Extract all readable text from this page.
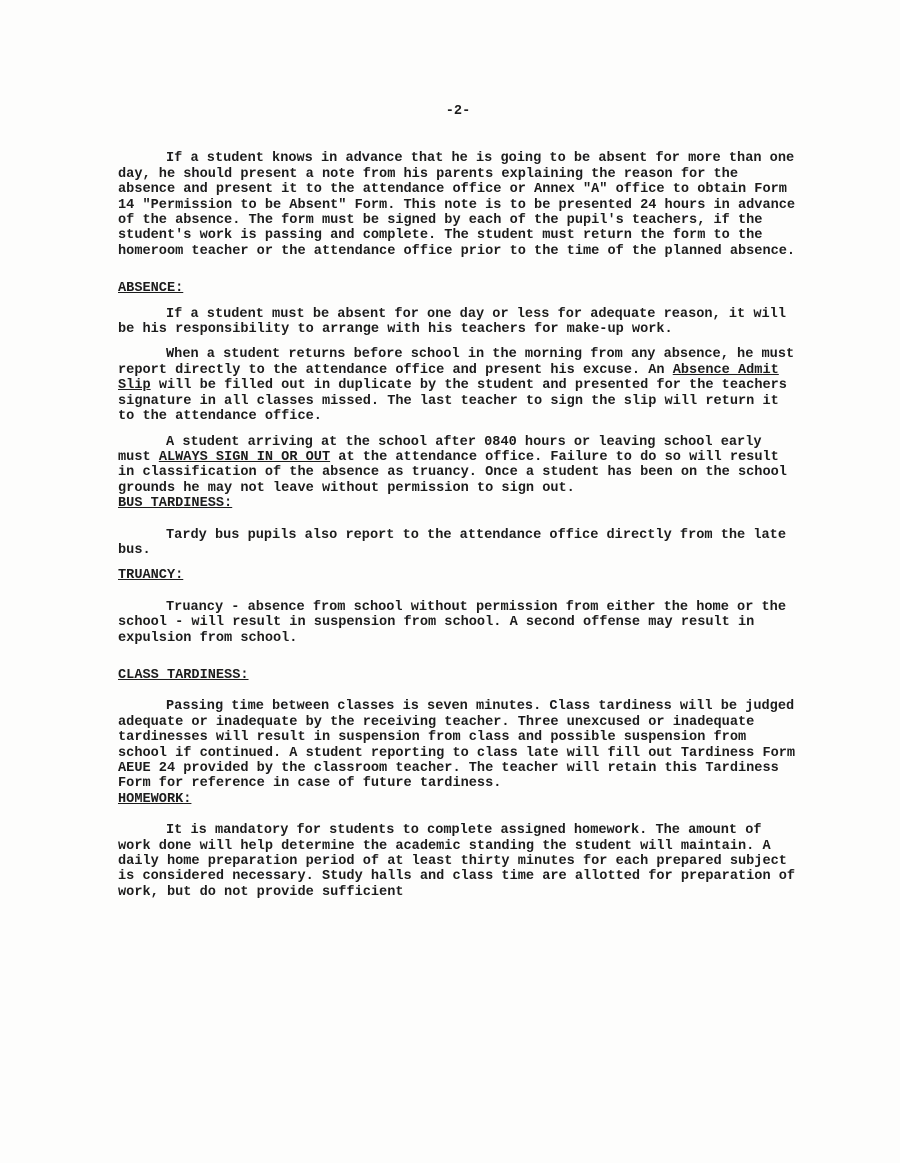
-2-

If a student knows in advance that he is going to be absent for more than one day, he should present a note from his parents explaining the reason for the absence and present it to the attendance office or Annex "A" office to obtain Form 14 "Permission to be Absent" Form. This note is to be presented 24 hours in advance of the absence. The form must be signed by each of the pupil's teachers, if the student's work is passing and complete. The student must return the form to the homeroom teacher or the attendance office prior to the time of the planned absence.

ABSENCE:

If a student must be absent for one day or less for adequate reason, it will be his responsibility to arrange with his teachers for make-up work.

When a student returns before school in the morning from any absence, he must report directly to the attendance office and present his excuse. An Absence Admit Slip will be filled out in duplicate by the student and presented for the teachers signature in all classes missed. The last teacher to sign the slip will return it to the attendance office.

A student arriving at the school after 0840 hours or leaving school early must ALWAYS SIGN IN OR OUT at the attendance office. Failure to do so will result in classification of the absence as truancy. Once a student has been on the school grounds he may not leave without permission to sign out.

BUS TARDINESS:

Tardy bus pupils also report to the attendance office directly from the late bus.

TRUANCY:

Truancy - absence from school without permission from either the home or the school - will result in suspension from school. A second offense may result in expulsion from school.

CLASS TARDINESS:

Passing time between classes is seven minutes. Class tardiness will be judged adequate or inadequate by the receiving teacher. Three unexcused or inadequate tardinesses will result in suspension from class and possible suspension from school if continued. A student reporting to class late will fill out Tardiness Form AEUE 24 provided by the classroom teacher. The teacher will retain this Tardiness Form for reference in case of future tardiness.

HOMEWORK:

It is mandatory for students to complete assigned homework. The amount of work done will help determine the academic standing the student will maintain. A daily home preparation period of at least thirty minutes for each prepared subject is considered necessary. Study halls and class time are allotted for preparation of work, but do not provide sufficient
